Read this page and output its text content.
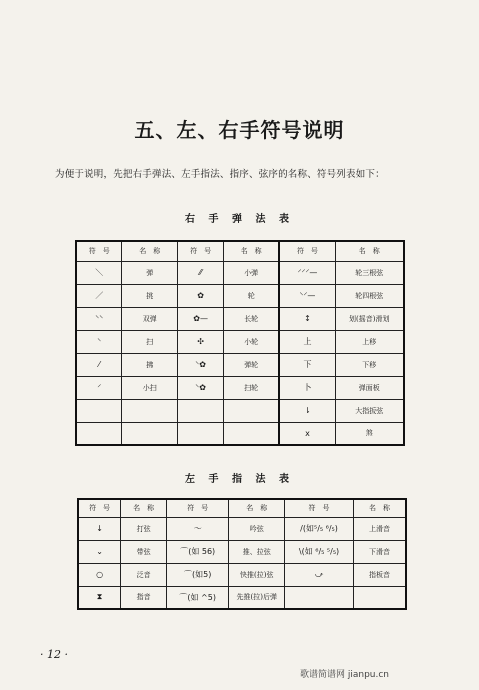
五、左、右手符号说明
为便于说明，先把右手弹法、左手指法、指序、弦序的名称、符号列表如下：
右 手 弹 法 表
符　号	名　称	符　号	名　称	符　号	名　称
＼	弹	⁄⁄	小弹	⸍⸍⸍—	轮三根弦
／	挑	✿	轮	⸌⸍—	轮四根弦
⸌⸌	双弹	✿—	长轮	↕	划(摇音)滑划
⸌	扫	✣	小轮	上	上移
⁄	拂	⸌✿	弹轮	下	下移
⸍	小扫	⸌✿	扫轮	卜	弹面板
				⇂	大指扳弦
				x	煞
左 手 指 法 表
符　号	名　称	符　号	名　称	符　号	名　称
↓	打弦	～	吟弦	/(如⁵/₅ ⁶/₅)	上滑音
⌄	带弦	⌒(如 5̇6)	推、拉弦	\(如 ⁶/₅ ⁵/₅)	下滑音
○	泛音	⌒(如5)	快推(拉)弦	⤻	指板音
⧗	指音	⌒(如 ^5)	先推(拉)后弹		
· 12 ·
歌谱简谱网 jianpu.cn
